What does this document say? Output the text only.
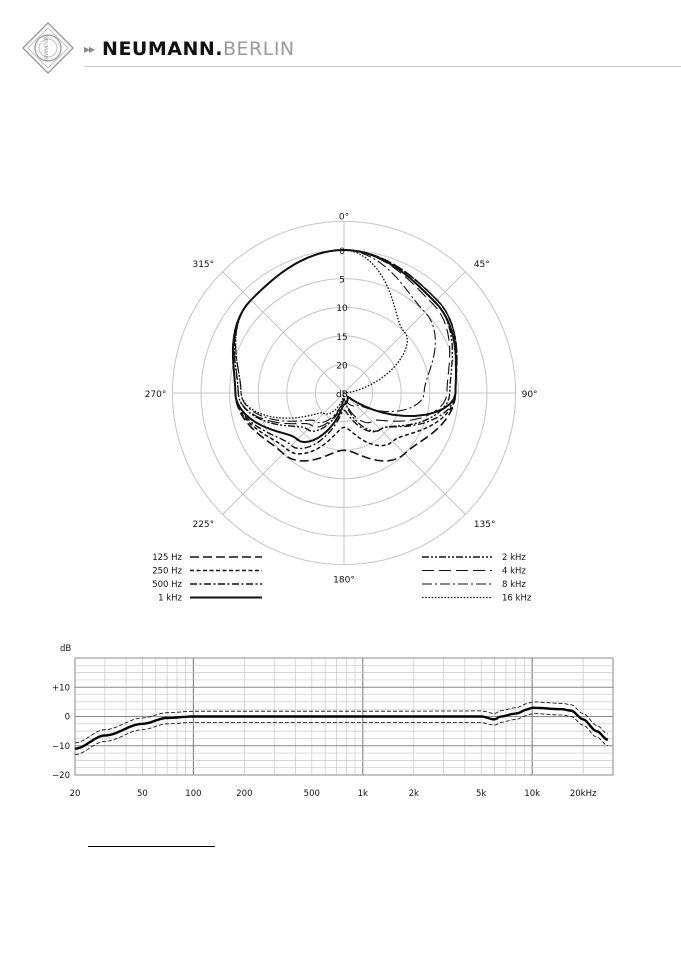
NEUMANN	▸▸ NEUMANN. BERLIN
0°
45°
90°
135°
180°
225°
270°
315°
0
5
10
15
20
dB
125 Hz
250 Hz
500 Hz
1 kHz
2 kHz
4 kHz
8 kHz
16 kHz
dB
+10
0
−10
−20
20	50	100	200	500	1k	2k	5k	10k	20kHz
